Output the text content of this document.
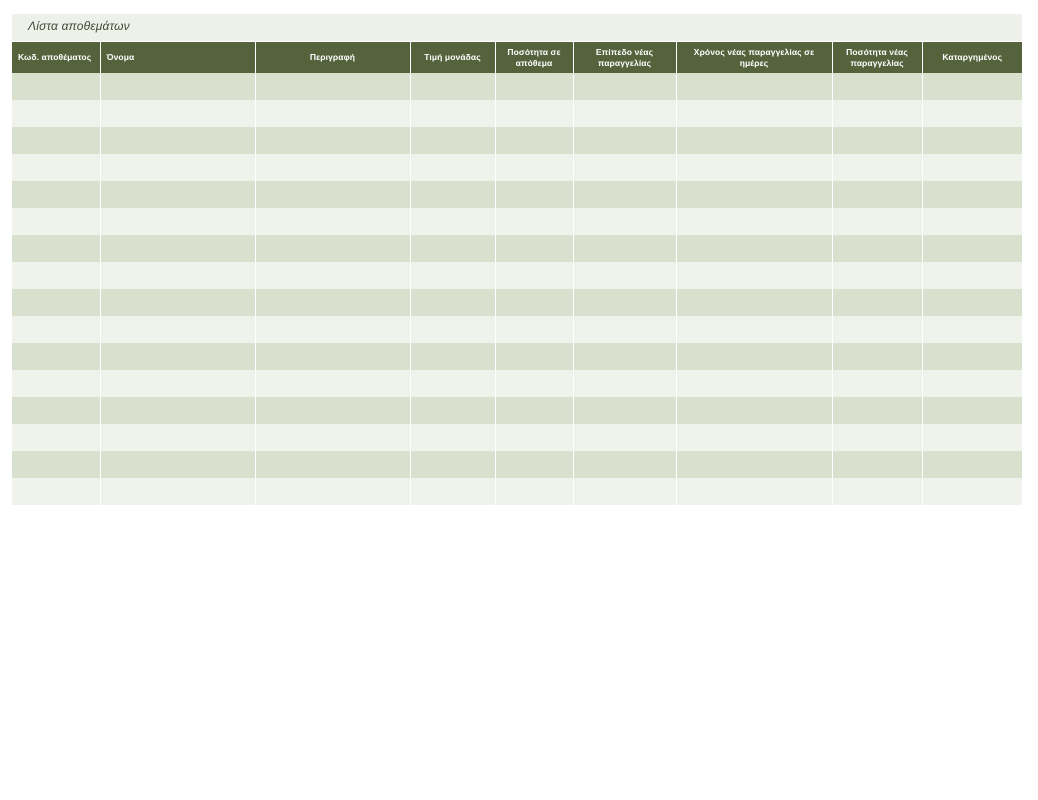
Λίστα αποθεμάτων
Κωδ. αποθέματος	Όνομα	Περιγραφή	Τιμή μονάδας	Ποσότητα σε απόθεμα	Επίπεδο νέας παραγγελίας	Χρόνος νέας παραγγελίας σε ημέρες	Ποσότητα νέας παραγγελίας	Καταργημένος
